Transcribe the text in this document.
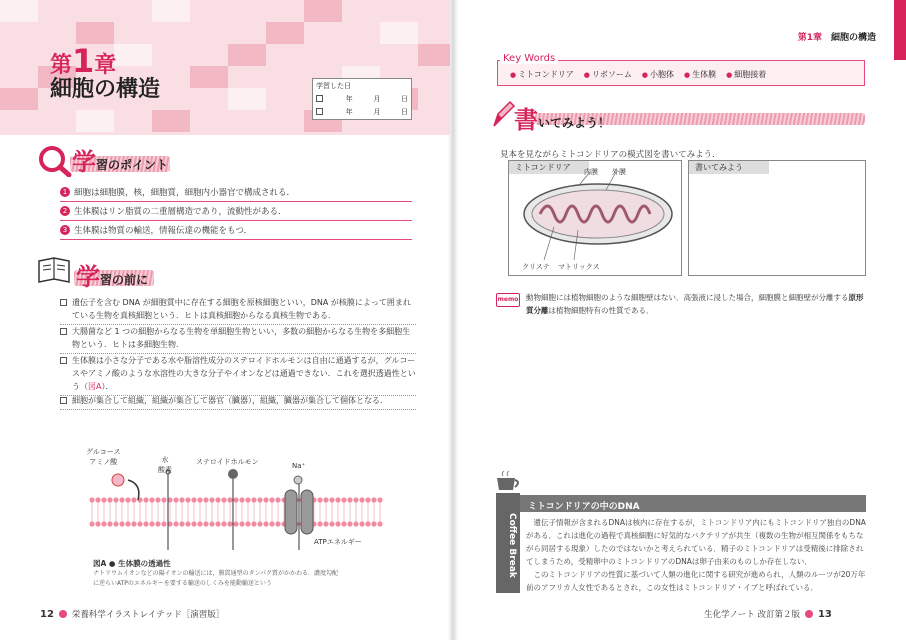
第1章
細胞の構造	学習した日
年	月	日
年	月	日
学 習のポイント
1 細胞は細胞膜，核，細胞質，細胞内小器官で構成される．
2 生体膜はリン脂質の二重層構造であり，流動性がある．
3 生体膜は物質の輸送，情報伝達の機能をもつ．
学 習の前に
遺伝子を含む DNA が細胞質中に存在する細胞を原核細胞といい，DNA が核膜によって囲まれている生物を真核細胞という．ヒトは真核細胞からなる真核生物である．
大腸菌など 1 つの細胞からなる生物を単細胞生物といい，多数の細胞からなる生物を多細胞生物という．ヒトは多細胞生物．
生体膜は小さな分子である水や脂溶性成分のステロイドホルモンは自由に通過するが，グルコースやアミノ酸のような水溶性の大きな分子やイオンなどは通過できない．これを選択透過性という（図A）．
細胞が集合して組織，組織が集合して器官（臓器），組織，臓器が集合して個体となる．
グルコース
アミノ酸	水
酸素
ステロイドホルモン	Na⁺
ATPエネルギー
図A ● 生体膜の透過性
ナトリウムイオンなどの陽イオンの輸送には，膜貫通型のタンパク質がかかわる．濃度勾配に逆らいATPのエネルギーを要する輸送のしくみを能動輸送という
12 栄養科学イラストレイテッド［演習版］
第1章　 細胞の構造
Key Words
● ミトコンドリア	● リボソーム	● 小胞体	● 生体膜	● 細胞接着
書 いてみよう！
見本を見ながらミトコンドリアの模式図を書いてみよう．
ミトコンドリア	内膜 外膜
クリステ マトリックス
書いてみよう
memo 動物細胞には植物細胞のような細胞壁はない．高張液に浸した場合，細胞膜と細胞壁が分離する原形質分離は植物細胞特有の性質である．
Coffee Break
ミトコンドリアの中のDNA

遺伝子情報が含まれるDNAは核内に存在するが，ミトコンドリア内にもミトコンドリア独自のDNAがある．これは進化の過程で真核細胞に好気的なバクテリアが共生（複数の生物が相互関係をもちながら同居する現象）したのではないかと考えられている．精子のミトコンドリアは受精後に排除されてしまうため，受精卵中のミトコンドリアのDNAは卵子由来のものしか存在しない．

このミトコンドリアの性質に基づいて人類の進化に関する研究が進められ，人類のルーツが20万年前のアフリカ人女性であるとされ，この女性はミトコンドリア・イブと呼ばれている．

生化学ノート 改訂第２版 13
